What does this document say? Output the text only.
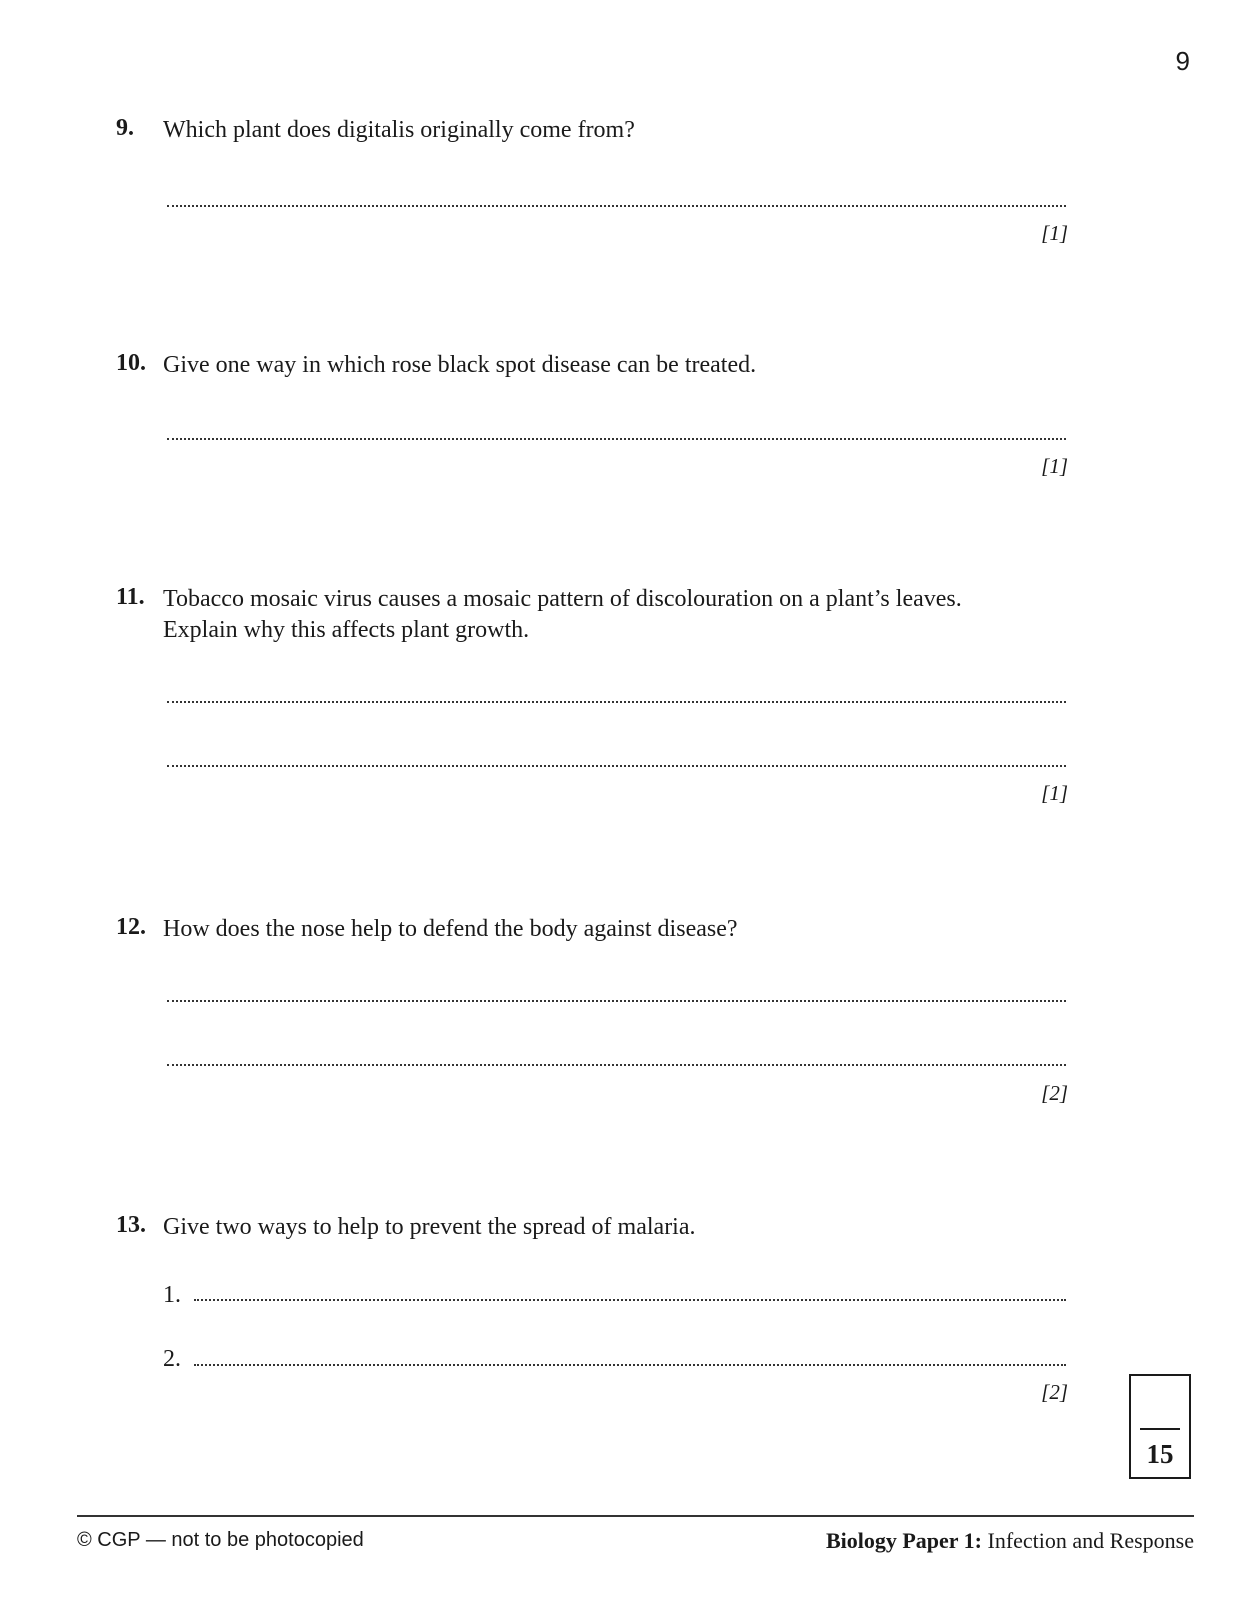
9
9. Which plant does digitalis originally come from?
[1]
10. Give one way in which rose black spot disease can be treated.
[1]
11. Tobacco mosaic virus causes a mosaic pattern of discolouration on a plant’s leaves.
Explain why this affects plant growth.
[1]
12. How does the nose help to defend the body against disease?
[2]
13. Give two ways to help to prevent the spread of malaria.
1.
2.
[2]
15
© CGP — not to be photocopied	Biology Paper 1: Infection and Response
